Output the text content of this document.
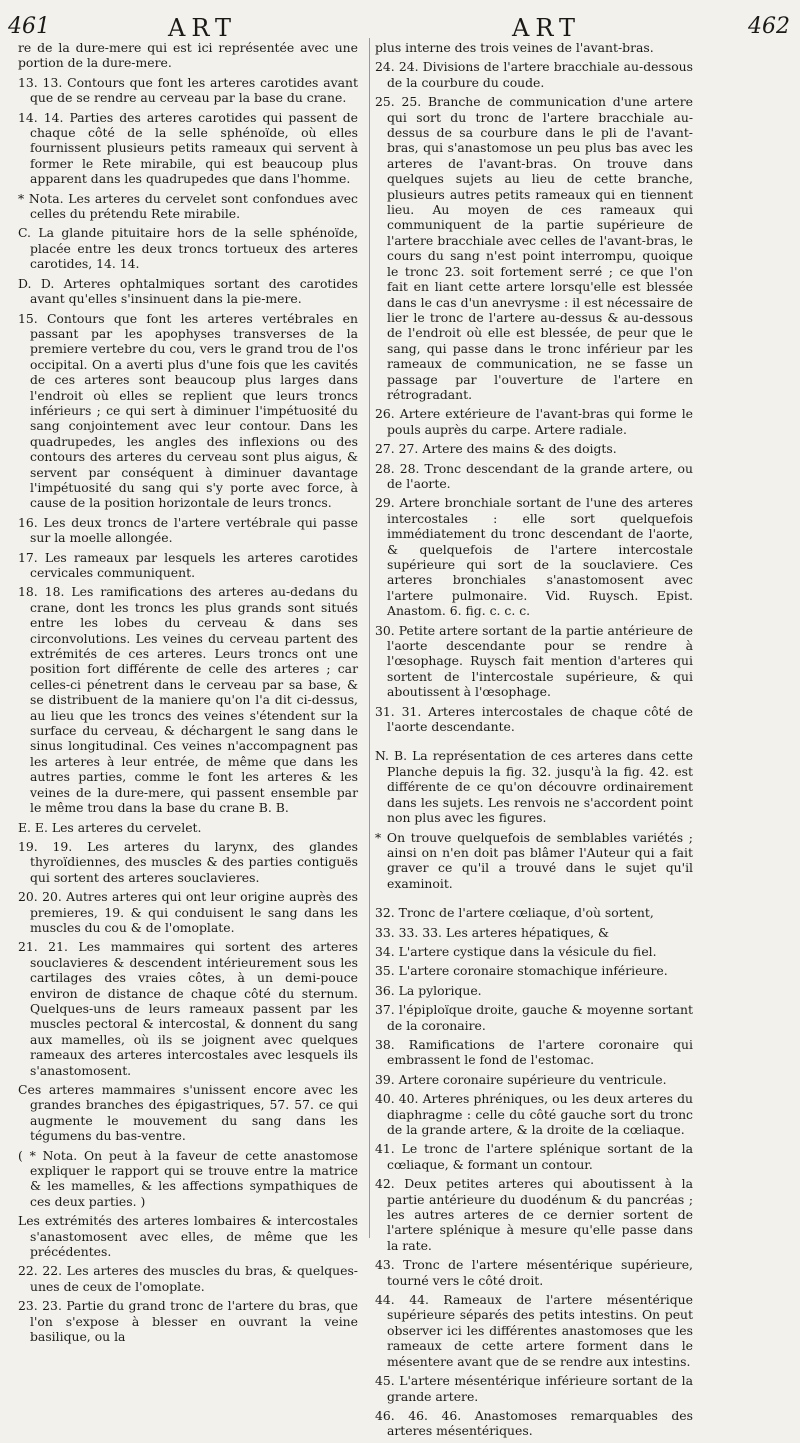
461	ART	ART	462

re de la dure-mere qui est ici représentée avec une portion de la dure-mere.

13. 13. Contours que font les arteres carotides avant que de se rendre au cerveau par la base du crane.

14. 14. Parties des arteres carotides qui passent de chaque côté de la selle sphénoïde, où elles fournissent plusieurs petits rameaux qui servent à former le Rete mirabile, qui est beaucoup plus apparent dans les quadrupedes que dans l'homme.

* Nota. Les arteres du cervelet sont confondues avec celles du prétendu Rete mirabile.

C. La glande pituitaire hors de la selle sphénoïde, placée entre les deux troncs tortueux des arteres carotides, 14. 14.

D. D. Arteres ophtalmiques sortant des carotides avant qu'elles s'insinuent dans la pie-mere.

15. Contours que font les arteres vertébrales en passant par les apophyses transverses de la premiere vertebre du cou, vers le grand trou de l'os occipital. On a averti plus d'une fois que les cavités de ces arteres sont beaucoup plus larges dans l'endroit où elles se replient que leurs troncs inférieurs ; ce qui sert à diminuer l'impétuosité du sang conjointement avec leur contour. Dans les quadrupedes, les angles des inflexions ou des contours des arteres du cerveau sont plus aigus, & servent par conséquent à diminuer davantage l'impétuosité du sang qui s'y porte avec force, à cause de la position horizontale de leurs troncs.

16. Les deux troncs de l'artere vertébrale qui passe sur la moelle allongée.

17. Les rameaux par lesquels les arteres carotides cervicales communiquent.

18. 18. Les ramifications des arteres au-dedans du crane, dont les troncs les plus grands sont situés entre les lobes du cerveau & dans ses circonvolutions. Les veines du cerveau partent des extrémités de ces arteres. Leurs troncs ont une position fort différente de celle des arteres ; car celles-ci pénetrent dans le cerveau par sa base, & se distribuent de la maniere qu'on l'a dit ci-dessus, au lieu que les troncs des veines s'étendent sur la surface du cerveau, & déchargent le sang dans le sinus longitudinal. Ces veines n'accompagnent pas les arteres à leur entrée, de même que dans les autres parties, comme le font les arteres & les veines de la dure-mere, qui passent ensemble par le même trou dans la base du crane B. B.

E. E. Les arteres du cervelet.

19. 19. Les arteres du larynx, des glandes thyroïdiennes, des muscles & des parties contiguës qui sortent des arteres souclavieres.

20. 20. Autres arteres qui ont leur origine auprès des premieres, 19. & qui conduisent le sang dans les muscles du cou & de l'omoplate.

21. 21. Les mammaires qui sortent des arteres souclavieres & descendent intérieurement sous les cartilages des vraies côtes, à un demi-pouce environ de distance de chaque côté du sternum. Quelques-uns de leurs rameaux passent par les muscles pectoral & intercostal, & donnent du sang aux mamelles, où ils se joignent avec quelques rameaux des arteres intercostales avec lesquels ils s'anastomosent.

Ces arteres mammaires s'unissent encore avec les grandes branches des épigastriques, 57. 57. ce qui augmente le mouvement du sang dans les tégumens du bas-ventre.

( * Nota. On peut à la faveur de cette anastomose expliquer le rapport qui se trouve entre la matrice & les mamelles, & les affections sympathiques de ces deux parties. )

Les extrémités des arteres lombaires & intercostales s'anastomosent avec elles, de même que les précédentes.

22. 22. Les arteres des muscles du bras, & quelques-unes de ceux de l'omoplate.

23. 23. Partie du grand tronc de l'artere du bras, que l'on s'expose à blesser en ouvrant la veine basilique, ou la

plus interne des trois veines de l'avant-bras.

24. 24. Divisions de l'artere bracchiale au-dessous de la courbure du coude.

25. 25. Branche de communication d'une artere qui sort du tronc de l'artere bracchiale au-dessus de sa courbure dans le pli de l'avant-bras, qui s'anastomose un peu plus bas avec les arteres de l'avant-bras. On trouve dans quelques sujets au lieu de cette branche, plusieurs autres petits rameaux qui en tiennent lieu. Au moyen de ces rameaux qui communiquent de la partie supérieure de l'artere bracchiale avec celles de l'avant-bras, le cours du sang n'est point interrompu, quoique le tronc 23. soit fortement serré ; ce que l'on fait en liant cette artere lorsqu'elle est blessée dans le cas d'un anevrysme : il est nécessaire de lier le tronc de l'artere au-dessus & au-dessous de l'endroit où elle est blessée, de peur que le sang, qui passe dans le tronc inférieur par les rameaux de communication, ne se fasse un passage par l'ouverture de l'artere en rétrogradant.

26. Artere extérieure de l'avant-bras qui forme le pouls auprès du carpe. Artere radiale.

27. 27. Artere des mains & des doigts.

28. 28. Tronc descendant de la grande artere, ou de l'aorte.

29. Artere bronchiale sortant de l'une des arteres intercostales : elle sort quelquefois immédiatement du tronc descendant de l'aorte, & quelquefois de l'artere intercostale supérieure qui sort de la souclaviere. Ces arteres bronchiales s'anastomosent avec l'artere pulmonaire. Vid. Ruysch. Epist. Anastom. 6. fig. c. c. c.

30. Petite artere sortant de la partie antérieure de l'aorte descendante pour se rendre à l'œsophage. Ruysch fait mention d'arteres qui sortent de l'intercostale supérieure, & qui aboutissent à l'œsophage.

31. 31. Arteres intercostales de chaque côté de l'aorte descendante.

N. B. La représentation de ces arteres dans cette Planche depuis la fig. 32. jusqu'à la fig. 42. est différente de ce qu'on découvre ordinairement dans les sujets. Les renvois ne s'accordent point non plus avec les figures.

* On trouve quelquefois de semblables variétés ; ainsi on n'en doit pas blâmer l'Auteur qui a fait graver ce qu'il a trouvé dans le sujet qu'il examinoit.

32. Tronc de l'artere cœliaque, d'où sortent,

33. 33. 33. Les arteres hépatiques, &

34. L'artere cystique dans la vésicule du fiel.

35. L'artere coronaire stomachique inférieure.

36. La pylorique.

37. l'épiploïque droite, gauche & moyenne sortant de la coronaire.

38. Ramifications de l'artere coronaire qui embrassent le fond de l'estomac.

39. Artere coronaire supérieure du ventricule.

40. 40. Arteres phréniques, ou les deux arteres du diaphragme : celle du côté gauche sort du tronc de la grande artere, & la droite de la cœliaque.

41. Le tronc de l'artere splénique sortant de la cœliaque, & formant un contour.

42. Deux petites arteres qui aboutissent à la partie antérieure du duodénum & du pancréas ; les autres arteres de ce dernier sortent de l'artere splénique à mesure qu'elle passe dans la rate.

43. Tronc de l'artere mésentérique supérieure, tourné vers le côté droit.

44. 44. Rameaux de l'artere mésentérique supérieure séparés des petits intestins. On peut observer ici les différentes anastomoses que les rameaux de cette artere forment dans le mésentere avant que de se rendre aux intestins.

45. L'artere mésentérique inférieure sortant de la grande artere.

46. 46. 46. Anastomoses remarquables des arteres mésentériques.
